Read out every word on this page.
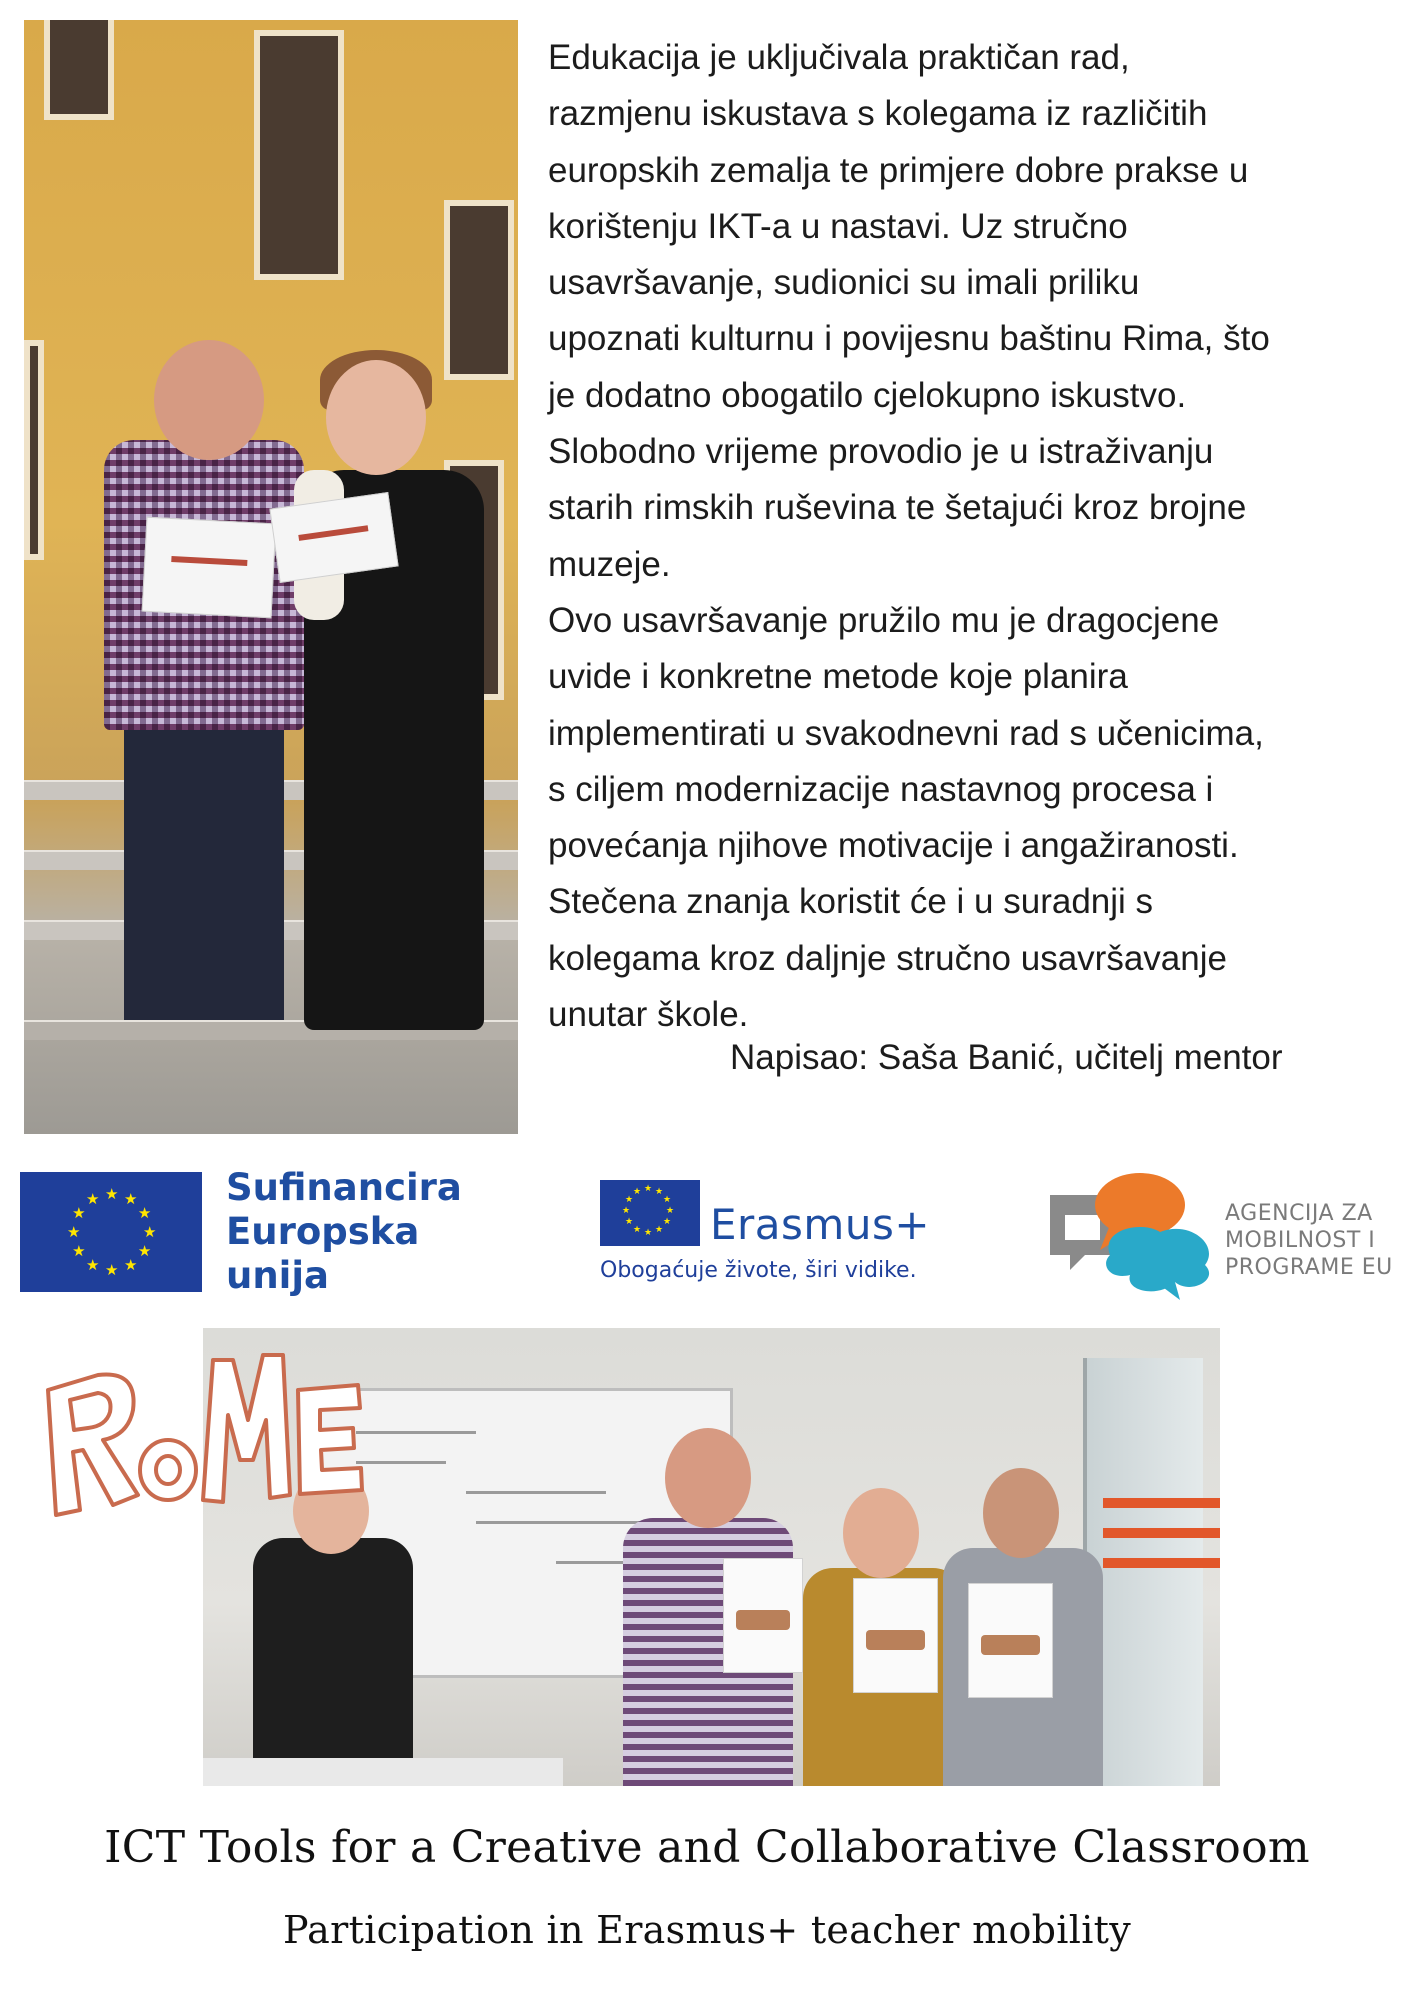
Edukacija je uključivala praktičan rad,
razmjenu iskustava s kolegama iz različitih
europskih zemalja te primjere dobre prakse u
korištenju IKT-a u nastavi. Uz stručno
usavršavanje, sudionici su imali priliku
upoznati kulturnu i povijesnu baštinu Rima, što
je dodatno obogatilo cjelokupno iskustvo.
Slobodno vrijeme provodio je u istraživanju
starih rimskih ruševina te šetajući kroz brojne
muzeje.
Ovo usavršavanje pružilo mu je dragocjene
uvide i konkretne metode koje planira
implementirati u svakodnevni rad s učenicima,
s ciljem modernizacije nastavnog procesa i
povećanja njihove motivacije i angažiranosti.
Stečena znanja koristit će i u suradnji s
kolegama kroz daljnje stručno usavršavanje
unutar škole.
Napisao: Saša Banić, učitelj mentor
★
★
★
★
★
★
★
★
★ ★ ★
★
Sufinancira
Europska unija
★
★
★
★
★
★
★
★
★ ★ ★
★
Erasmus+
Obogaćuje živote, širi vidike.
AGENCIJA ZA
MOBILNOST I
PROGRAME EU
ICT Tools for a Creative and Collaborative Classroom
Participation in Erasmus+ teacher mobility
